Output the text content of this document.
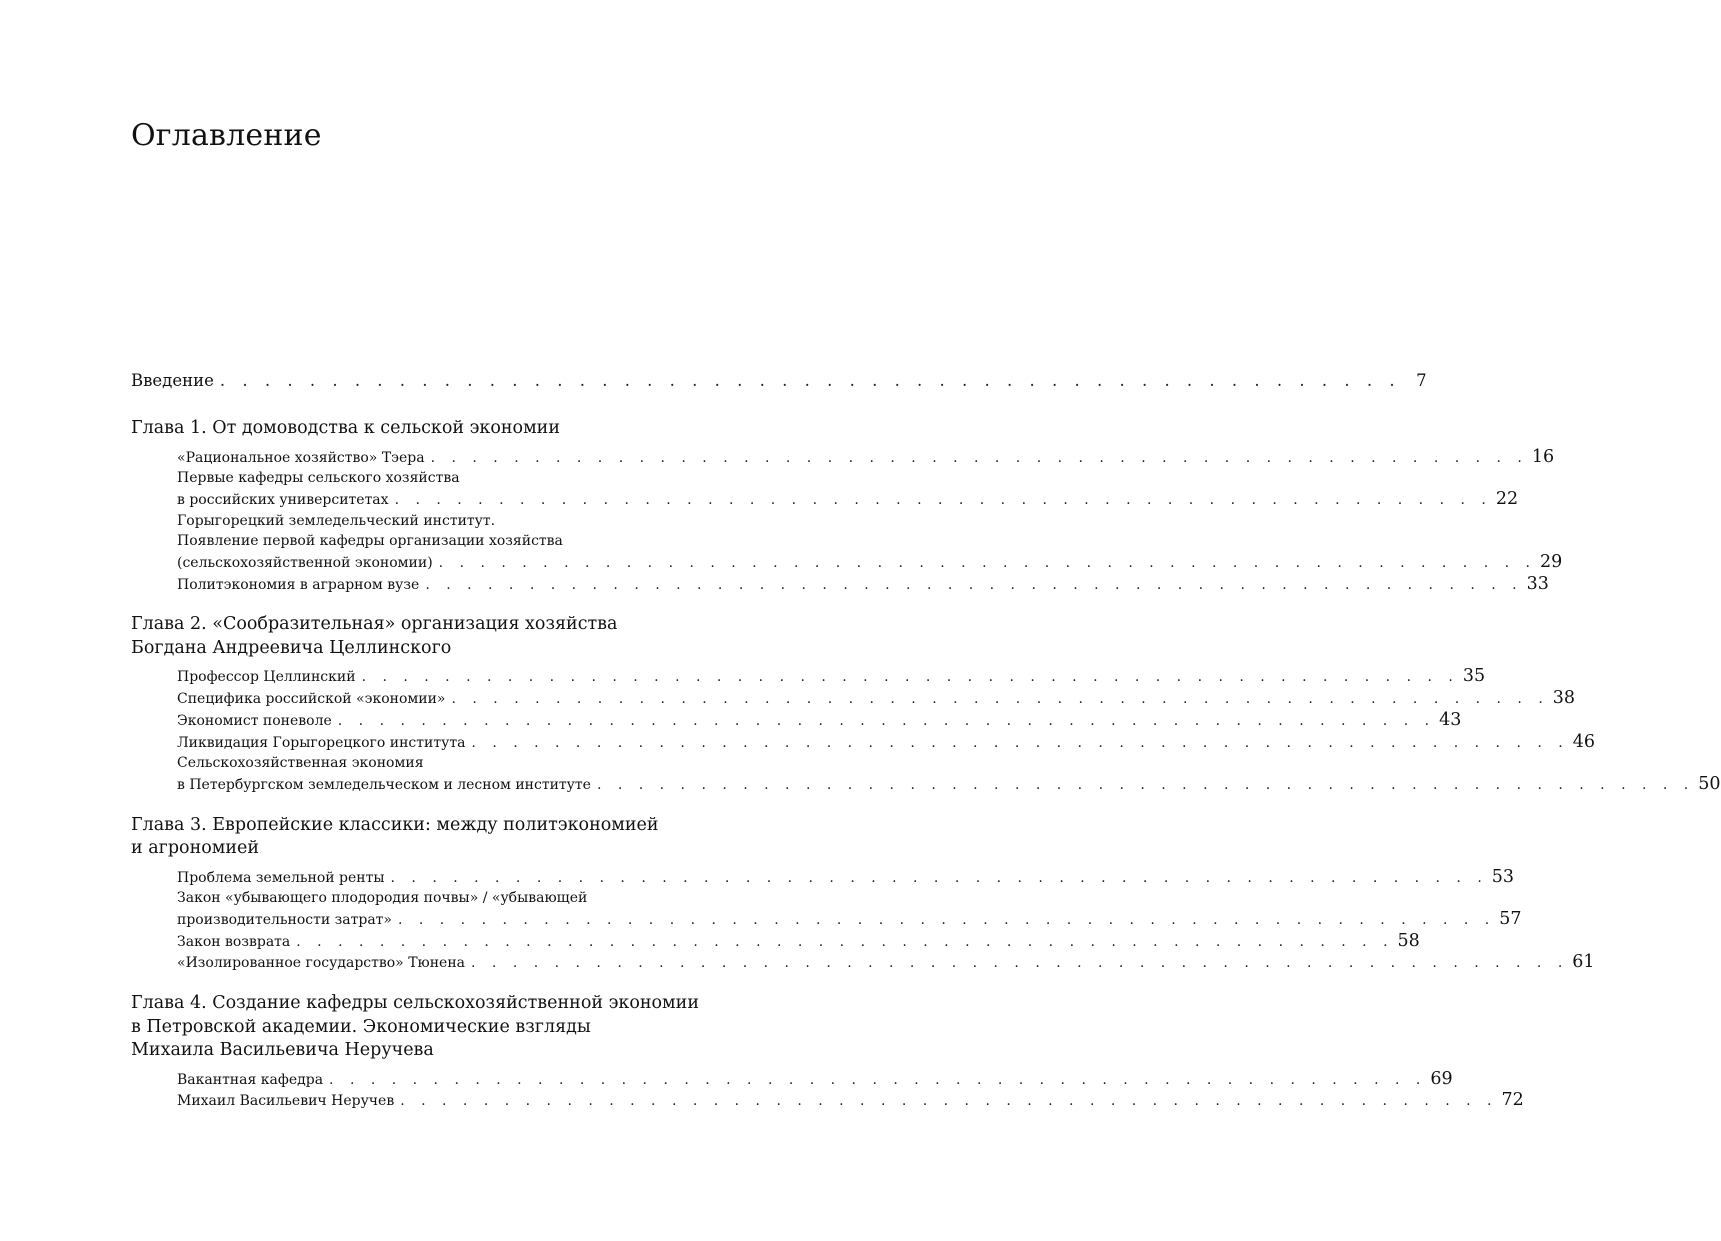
Оглавление
Введение . . . . . . . . . . . . . . . . . . . . . . . . . . . . . . . . . . . . . . . . . . . . . . . . . . . . . 7
Глава 1. От домоводства к сельской экономии
«Рациональное хозяйство» Тэера . . . . . . . . . . . . . . . . . . . . . . . . . . . . . . . . . . . . . . . . . . . . . . . . . . . . . 16
Первые кафедры сельского хозяйства
в российских университетах . . . . . . . . . . . . . . . . . . . . . . . . . . . . . . . . . . . . . . . . . . . . . . . . . . . . . 22
Горыгорецкий земледельческий институт.
Появление первой кафедры организации хозяйства
(сельскохозяйственной экономии) . . . . . . . . . . . . . . . . . . . . . . . . . . . . . . . . . . . . . . . . . . . . . . . . . . . . . 29
Политэкономия в аграрном вузе . . . . . . . . . . . . . . . . . . . . . . . . . . . . . . . . . . . . . . . . . . . . . . . . . . . . . 33
Глава 2. «Сообразительная» организация хозяйства
Богдана Андреевича Целлинского
Профессор Целлинский . . . . . . . . . . . . . . . . . . . . . . . . . . . . . . . . . . . . . . . . . . . . . . . . . . . . . 35
Специфика российской «экономии» . . . . . . . . . . . . . . . . . . . . . . . . . . . . . . . . . . . . . . . . . . . . . . . . . . . . . 38
Экономист поневоле . . . . . . . . . . . . . . . . . . . . . . . . . . . . . . . . . . . . . . . . . . . . . . . . . . . . . 43
Ликвидация Горыгорецкого института . . . . . . . . . . . . . . . . . . . . . . . . . . . . . . . . . . . . . . . . . . . . . . . . . . . . . 46
Сельскохозяйственная экономия
в Петербургском земледельческом и лесном институте . . . . . . . . . . . . . . . . . . . . . . . . . . . . . . . . . . . . . . . . . . . . . . . . . . . . . 50
Глава 3. Европейские классики: между политэкономией
и агрономией
Проблема земельной ренты . . . . . . . . . . . . . . . . . . . . . . . . . . . . . . . . . . . . . . . . . . . . . . . . . . . . . 53
Закон «убывающего плодородия почвы» / «убывающей
производительности затрат» . . . . . . . . . . . . . . . . . . . . . . . . . . . . . . . . . . . . . . . . . . . . . . . . . . . . . 57
Закон возврата . . . . . . . . . . . . . . . . . . . . . . . . . . . . . . . . . . . . . . . . . . . . . . . . . . . . . 58
«Изолированное государство» Тюнена . . . . . . . . . . . . . . . . . . . . . . . . . . . . . . . . . . . . . . . . . . . . . . . . . . . . . 61
Глава 4. Создание кафедры сельскохозяйственной экономии
в Петровской академии. Экономические взгляды
Михаила Васильевича Неручева
Вакантная кафедра . . . . . . . . . . . . . . . . . . . . . . . . . . . . . . . . . . . . . . . . . . . . . . . . . . . . . 69
Михаил Васильевич Неручев . . . . . . . . . . . . . . . . . . . . . . . . . . . . . . . . . . . . . . . . . . . . . . . . . . . . . 72
